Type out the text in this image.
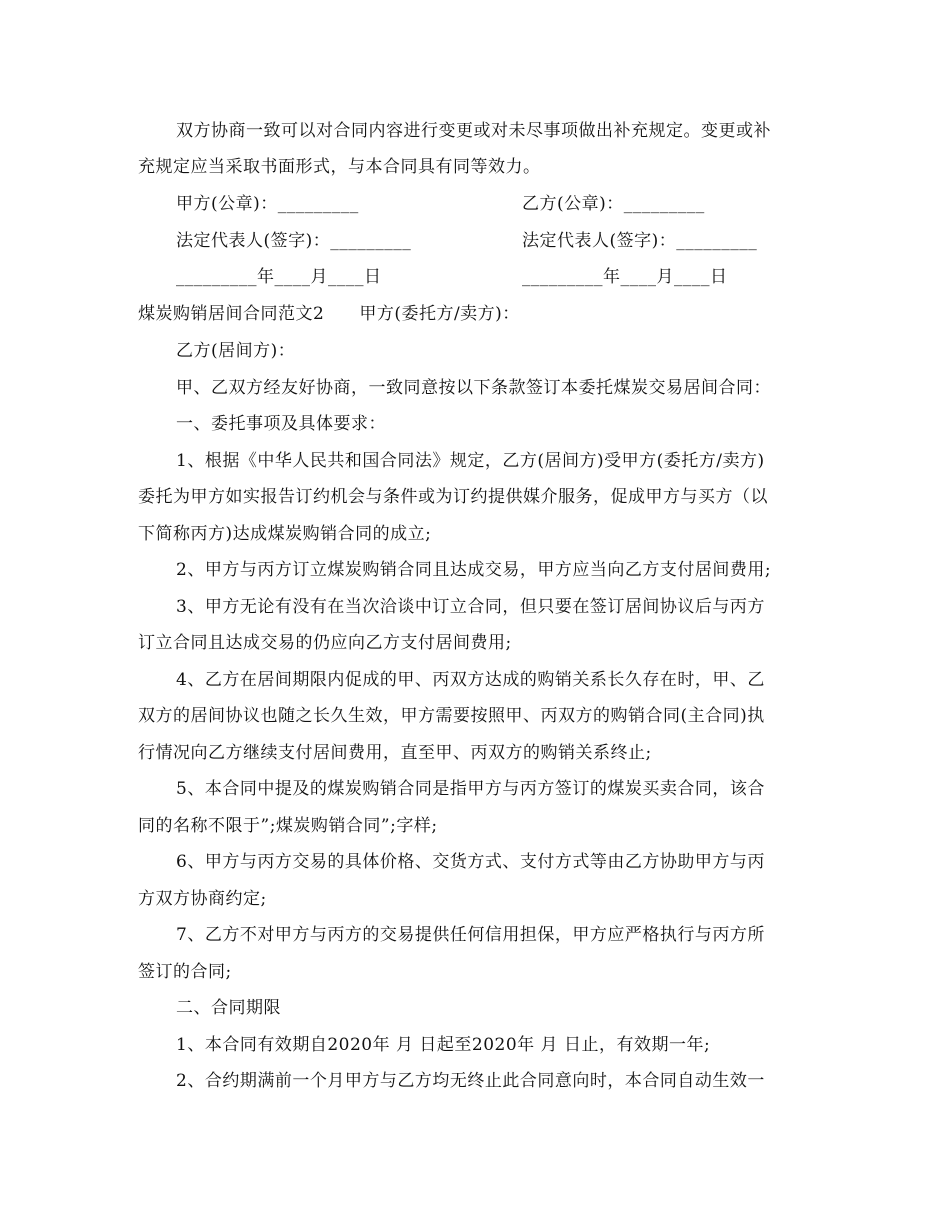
双方协商一致可以对合同内容进行变更或对未尽事项做出补充规定。变更或补
充规定应当采取书面形式，与本合同具有同等效力。
甲方(公章)：_________	乙方(公章)：_________
法定代表人(签字)：_________	法定代表人(签字)：_________
_________年____月____日	_________年____月____日
煤炭购销居间合同范文2　　甲方(委托方/卖方)：
乙方(居间方)：
甲、乙双方经友好协商，一致同意按以下条款签订本委托煤炭交易居间合同：
一、委托事项及具体要求：
1、根据《中华人民共和国合同法》规定，乙方(居间方)受甲方(委托方/卖方)
委托为甲方如实报告订约机会与条件或为订约提供媒介服务，促成甲方与买方（以
下简称丙方)达成煤炭购销合同的成立;
2、甲方与丙方订立煤炭购销合同且达成交易，甲方应当向乙方支付居间费用;
3、甲方无论有没有在当次洽谈中订立合同，但只要在签订居间协议后与丙方
订立合同且达成交易的仍应向乙方支付居间费用;
4、乙方在居间期限内促成的甲、丙双方达成的购销关系长久存在时，甲、乙
双方的居间协议也随之长久生效，甲方需要按照甲、丙双方的购销合同(主合同)执
行情况向乙方继续支付居间费用，直至甲、丙双方的购销关系终止;
5、本合同中提及的煤炭购销合同是指甲方与丙方签订的煤炭买卖合同，该合
同的名称不限于”;煤炭购销合同”;字样;
6、甲方与丙方交易的具体价格、交货方式、支付方式等由乙方协助甲方与丙
方双方协商约定;
7、乙方不对甲方与丙方的交易提供任何信用担保，甲方应严格执行与丙方所
签订的合同;
二、合同期限
1、本合同有效期自2020年 月 日起至2020年 月 日止，有效期一年;
2、合约期满前一个月甲方与乙方均无终止此合同意向时，本合同自动生效一
